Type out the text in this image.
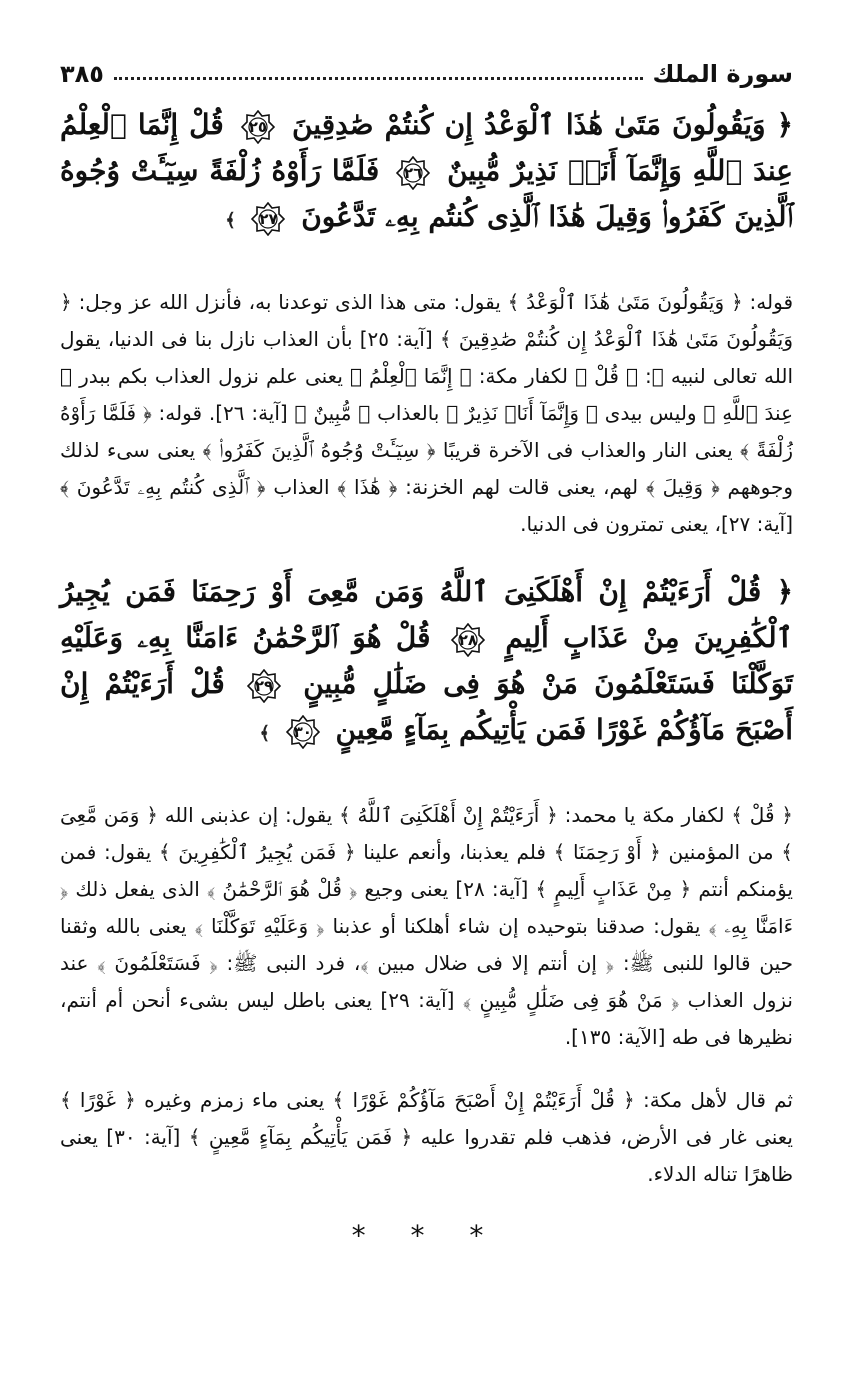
سورة الملك
٣٨٥
﴿ وَيَقُولُونَ مَتَىٰ هَٰذَا ٱلْوَعْدُ إِن كُنتُمْ صَٰدِقِينَ
٢٥
قُلْ إِنَّمَا ٱلْعِلْمُ عِندَ ٱللَّهِ وَإِنَّمَآ أَنَا۠ نَذِيرٌ مُّبِينٌ
٢٦
فَلَمَّا رَأَوْهُ زُلْفَةً سِيٓـَٔتْ وُجُوهُ ٱلَّذِينَ كَفَرُوا۟ وَقِيلَ هَٰذَا ٱلَّذِى كُنتُم بِهِۦ تَدَّعُونَ
٢٧
﴾

قوله: ﴿ وَيَقُولُونَ مَتَىٰ هَٰذَا ٱلْوَعْدُ ﴾ يقول: متى هذا الذى توعدنا به، فأنزل الله عز وجل: ﴿ وَيَقُولُونَ مَتَىٰ هَٰذَا ٱلْوَعْدُ إِن كُنتُمْ صَٰدِقِينَ ﴾ [آية: ٢٥] بأن العذاب نازل بنا فى الدنيا، يقول الله تعالى لنبيه ﷺ: ﴿ قُلْ ﴾ لكفار مكة: ﴿ إِنَّمَا ٱلْعِلْمُ ﴾ يعنى علم نزول العذاب بكم ببدر ﴿ عِندَ ٱللَّهِ ﴾ وليس بيدى ﴿ وَإِنَّمَآ أَنَا۠ نَذِيرٌ ﴾ بالعذاب ﴿ مُّبِينٌ ﴾ [آية: ٢٦]. قوله: ﴿ فَلَمَّا رَأَوْهُ زُلْفَةً ﴾ يعنى النار والعذاب فى الآخرة قريبًا ﴿ سِيٓـَٔتْ وُجُوهُ ٱلَّذِينَ كَفَرُوا۟ ﴾ يعنى سىء لذلك وجوههم ﴿ وَقِيلَ ﴾ لهم، يعنى قالت لهم الخزنة: ﴿ هَٰذَا ﴾ العذاب ﴿ ٱلَّذِى كُنتُم بِهِۦ تَدَّعُونَ ﴾ [آية: ٢٧]، يعنى تمترون فى الدنيا.

﴿ قُلْ أَرَءَيْتُمْ إِنْ أَهْلَكَنِىَ ٱللَّهُ وَمَن مَّعِىَ أَوْ رَحِمَنَا فَمَن يُجِيرُ ٱلْكَٰفِرِينَ مِنْ عَذَابٍ أَلِيمٍ
٢٨
قُلْ هُوَ ٱلرَّحْمَٰنُ ءَامَنَّا بِهِۦ وَعَلَيْهِ تَوَكَّلْنَا فَسَتَعْلَمُونَ مَنْ هُوَ فِى ضَلَٰلٍ مُّبِينٍ
٢٩
قُلْ أَرَءَيْتُمْ إِنْ أَصْبَحَ مَآؤُكُمْ غَوْرًا فَمَن يَأْتِيكُم بِمَآءٍ مَّعِينٍ
٣٠
﴾

﴿ قُلْ ﴾ لكفار مكة يا محمد: ﴿ أَرَءَيْتُمْ إِنْ أَهْلَكَنِىَ ٱللَّهُ ﴾ يقول: إن عذبنى الله ﴿ وَمَن مَّعِىَ ﴾ من المؤمنين ﴿ أَوْ رَحِمَنَا ﴾ فلم يعذبنا، وأنعم علينا ﴿ فَمَن يُجِيرُ ٱلْكَٰفِرِينَ ﴾ يقول: فمن يؤمنكم أنتم ﴿ مِنْ عَذَابٍ أَلِيمٍ ﴾ [آية: ٢٨] يعنى وجيع ﴿ قُلْ هُوَ ٱلرَّحْمَٰنُ ﴾ الذى يفعل ذلك ﴿ ءَامَنَّا بِهِۦ ﴾ يقول: صدقنا بتوحيده إن شاء أهلكنا أو عذبنا ﴿ وَعَلَيْهِ تَوَكَّلْنَا ﴾ يعنى بالله وثقنا حين قالوا للنبى ﷺ: ﴿ إن أنتم إلا فى ضلال مبين ﴾، فرد النبى ﷺ: ﴿ فَسَتَعْلَمُونَ ﴾ عند نزول العذاب ﴿ مَنْ هُوَ فِى ضَلَٰلٍ مُّبِينٍ ﴾ [آية: ٢٩] يعنى باطل ليس بشىء أنحن أم أنتم، نظيرها فى طه [الآية: ١٣٥].

ثم قال لأهل مكة: ﴿ قُلْ أَرَءَيْتُمْ إِنْ أَصْبَحَ مَآؤُكُمْ غَوْرًا ﴾ يعنى ماء زمزم وغيره ﴿ غَوْرًا ﴾ يعنى غار فى الأرض، فذهب فلم تقدروا عليه ﴿ فَمَن يَأْتِيكُم بِمَآءٍ مَّعِينٍ ﴾ [آية: ٣٠] يعنى ظاهرًا تناله الدلاء.

* * *
